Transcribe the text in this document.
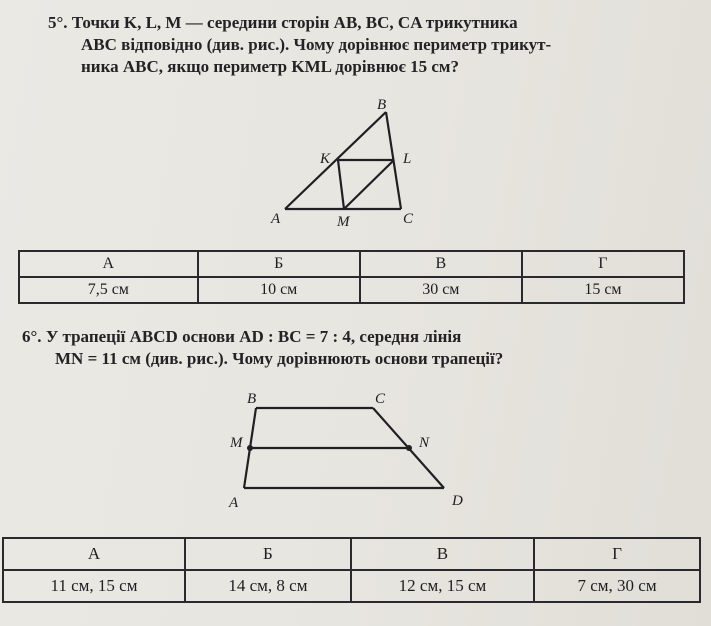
5°. Точки K, L, M — середини сторін AB, BC, CA трикутника
ABC відповідно (див. рис.). Чому дорівнює периметр трикут-
ника ABC, якщо периметр KML дорівнює 15 см?
B
K	L
A	M	C
А	Б	В	Г
7,5 см	10 см	30 см	15 см
6°. У трапеції ABCD основи AD : BC = 7 : 4, середня лінія
MN = 11 см (див. рис.). Чому дорівнюють основи трапеції?
B	C
M	N
A	D
А	Б	В	Г
11 см, 15 см	14 см, 8 см	12 см, 15 см	7 см, 30 см
